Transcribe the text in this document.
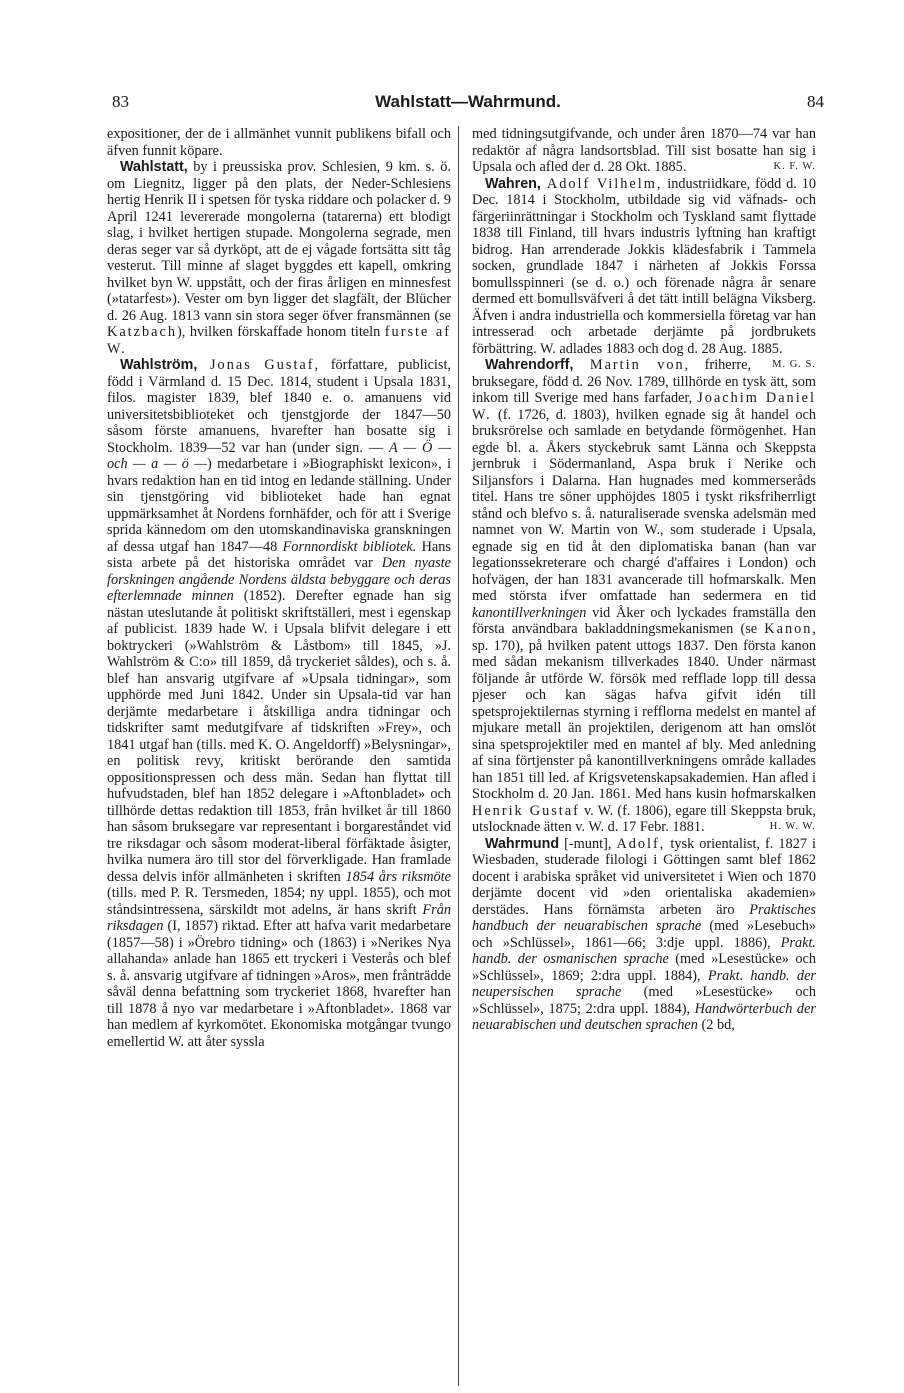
83	Wahlstatt—Wahrmund.	84

expositioner, der de i allmänhet vunnit publikens bifall och äfven funnit köpare.

Wahlstatt, by i preussiska prov. Schlesien, 9 km. s. ö. om Liegnitz, ligger på den plats, der Neder-Schlesiens hertig Henrik II i spetsen för tyska riddare och polacker d. 9 April 1241 levererade mongolerna (tatarerna) ett blodigt slag, i hvilket hertigen stupade. Mongolerna segrade, men deras seger var så dyrköpt, att de ej vågade fortsätta sitt tåg vesterut. Till minne af slaget byggdes ett kapell, omkring hvilket byn W. uppstått, och der firas årligen en minnesfest (»tatarfest»). Vester om byn ligger det slagfält, der Blücher d. 26 Aug. 1813 vann sin stora seger öfver fransmännen (se Katzbach), hvilken förskaffade honom titeln furste af W.

Wahlström, Jonas Gustaf, författare, publicist, född i Värmland d. 15 Dec. 1814, student i Upsala 1831, filos. magister 1839, blef 1840 e. o. amanuens vid universitetsbiblioteket och tjenstgjorde der 1847—50 såsom förste amanuens, hvarefter han bosatte sig i Stockholm. 1839—52 var han (under sign. — A — Ö — och — a — ö —) medarbetare i »Biographiskt lexicon», i hvars redaktion han en tid intog en ledande ställning. Under sin tjenstgöring vid biblioteket hade han egnat uppmärksamhet åt Nordens fornhäfder, och för att i Sverige sprida kännedom om den utomskandinaviska granskningen af dessa utgaf han 1847—48 Fornnordiskt bibliotek. Hans sista arbete på det historiska området var Den nyaste forskningen angående Nordens äldsta bebyggare och deras efterlemnade minnen (1852). Derefter egnade han sig nästan uteslutande åt politiskt skriftställeri, mest i egenskap af publicist. 1839 hade W. i Upsala blifvit delegare i ett boktryckeri (»Wahlström & Låstbom» till 1845, »J. Wahlström & C:o» till 1859, då tryckeriet såldes), och s. å. blef han ansvarig utgifvare af »Upsala tidningar», som upphörde med Juni 1842. Under sin Upsala-tid var han derjämte medarbetare i åtskilliga andra tidningar och tidskrifter samt medutgifvare af tidskriften »Frey», och 1841 utgaf han (tills. med K. O. Angeldorff) »Belysningar», en politisk revy, kritiskt berörande den samtida oppositionspressen och dess män. Sedan han flyttat till hufvudstaden, blef han 1852 delegare i »Aftonbladet» och tillhörde dettas redaktion till 1853, från hvilket år till 1860 han såsom bruksegare var representant i borgareståndet vid tre riksdagar och såsom moderat-liberal förfäktade åsigter, hvilka numera äro till stor del förverkligade. Han framlade dessa delvis inför allmänheten i skriften 1854 års riksmöte (tills. med P. R. Tersmeden, 1854; ny uppl. 1855), och mot ståndsintressena, särskildt mot adelns, är hans skrift Från riksdagen (I, 1857) riktad. Efter att hafva varit medarbetare (1857—58) i »Örebro tidning» och (1863) i »Nerikes Nya allahanda» anlade han 1865 ett tryckeri i Vesterås och blef s. å. ansvarig utgifvare af tidningen »Aros», men frånträdde såväl denna befattning som tryckeriet 1868, hvarefter han till 1878 å nyo var medarbetare i »Aftonbladet». 1868 var han medlem af kyrkomötet. Ekonomiska motgångar tvungo emellertid W. att åter syssla

med tidningsutgifvande, och under åren 1870—74 var han redaktör af några landsortsblad. Till sist bosatte han sig i Upsala och afled der d. 28 Okt. 1885.	K. F. W.

Wahren, Adolf Vilhelm, industriidkare, född d. 10 Dec. 1814 i Stockholm, utbildade sig vid väfnads- och färgeriinrättningar i Stockholm och Tyskland samt flyttade 1838 till Finland, till hvars industris lyftning han kraftigt bidrog. Han arrenderade Jokkis klädesfabrik i Tammela socken, grundlade 1847 i närheten af Jokkis Forssa bomullsspinneri (se d. o.) och förenade några år senare dermed ett bomullsväfveri å det tätt intill belägna Viksberg. Äfven i andra industriella och kommersiella företag var han intresserad och arbetade derjämte på jordbrukets förbättring. W. adlades 1883 och dog d. 28 Aug. 1885.
M. G. S.

Wahrendorff, Martin von, friherre, bruksegare, född d. 26 Nov. 1789, tillhörde en tysk ätt, som inkom till Sverige med hans farfader, Joachim Daniel W. (f. 1726, d. 1803), hvilken egnade sig åt handel och bruksrörelse och samlade en betydande förmögenhet. Han egde bl. a. Åkers styckebruk samt Länna och Skeppsta jernbruk i Södermanland, Aspa bruk i Nerike och Siljansfors i Dalarna. Han hugnades med kommerseråds titel. Hans tre söner upphöjdes 1805 i tyskt riksfriherrligt stånd och blefvo s. å. naturaliserade svenska adelsmän med namnet von W. Martin von W., som studerade i Upsala, egnade sig en tid åt den diplomatiska banan (han var legationssekreterare och chargé d'affaires i London) och hofvägen, der han 1831 avancerade till hofmarskalk. Men med största ifver omfattade han sedermera en tid kanontillverkningen vid Åker och lyckades framställa den första användbara bakladdningsmekanismen (se Kanon, sp. 170), på hvilken patent uttogs 1837. Den första kanon med sådan mekanism tillverkades 1840. Under närmast följande år utförde W. försök med refflade lopp till dessa pjeser och kan sägas hafva gifvit idén till spetsprojektilernas styrning i refflorna medelst en mantel af mjukare metall än projektilen, derigenom att han omslöt sina spetsprojektiler med en mantel af bly. Med anledning af sina förtjenster på kanontillverkningens område kallades han 1851 till led. af Krigsvetenskapsakademien. Han afled i Stockholm d. 20 Jan. 1861. Med hans kusin hofmarskalken Henrik Gustaf v. W. (f. 1806), egare till Skeppsta bruk, utslocknade ätten v. W. d. 17 Febr. 1881.	H. W. W.

Wahrmund [-munt], Adolf, tysk orientalist, f. 1827 i Wiesbaden, studerade filologi i Göttingen samt blef 1862 docent i arabiska språket vid universitetet i Wien och 1870 derjämte docent vid »den orientaliska akademien» derstädes. Hans förnämsta arbeten äro Praktisches handbuch der neuarabischen sprache (med »Lesebuch» och »Schlüssel», 1861—66; 3:dje uppl. 1886), Prakt. handb. der osmanischen sprache (med »Lesestücke» och »Schlüssel», 1869; 2:dra uppl. 1884), Prakt. handb. der neupersischen sprache (med »Lesestücke» och »Schlüssel», 1875; 2:dra uppl. 1884), Handwörterbuch der neuarabischen und deutschen sprachen (2 bd,
